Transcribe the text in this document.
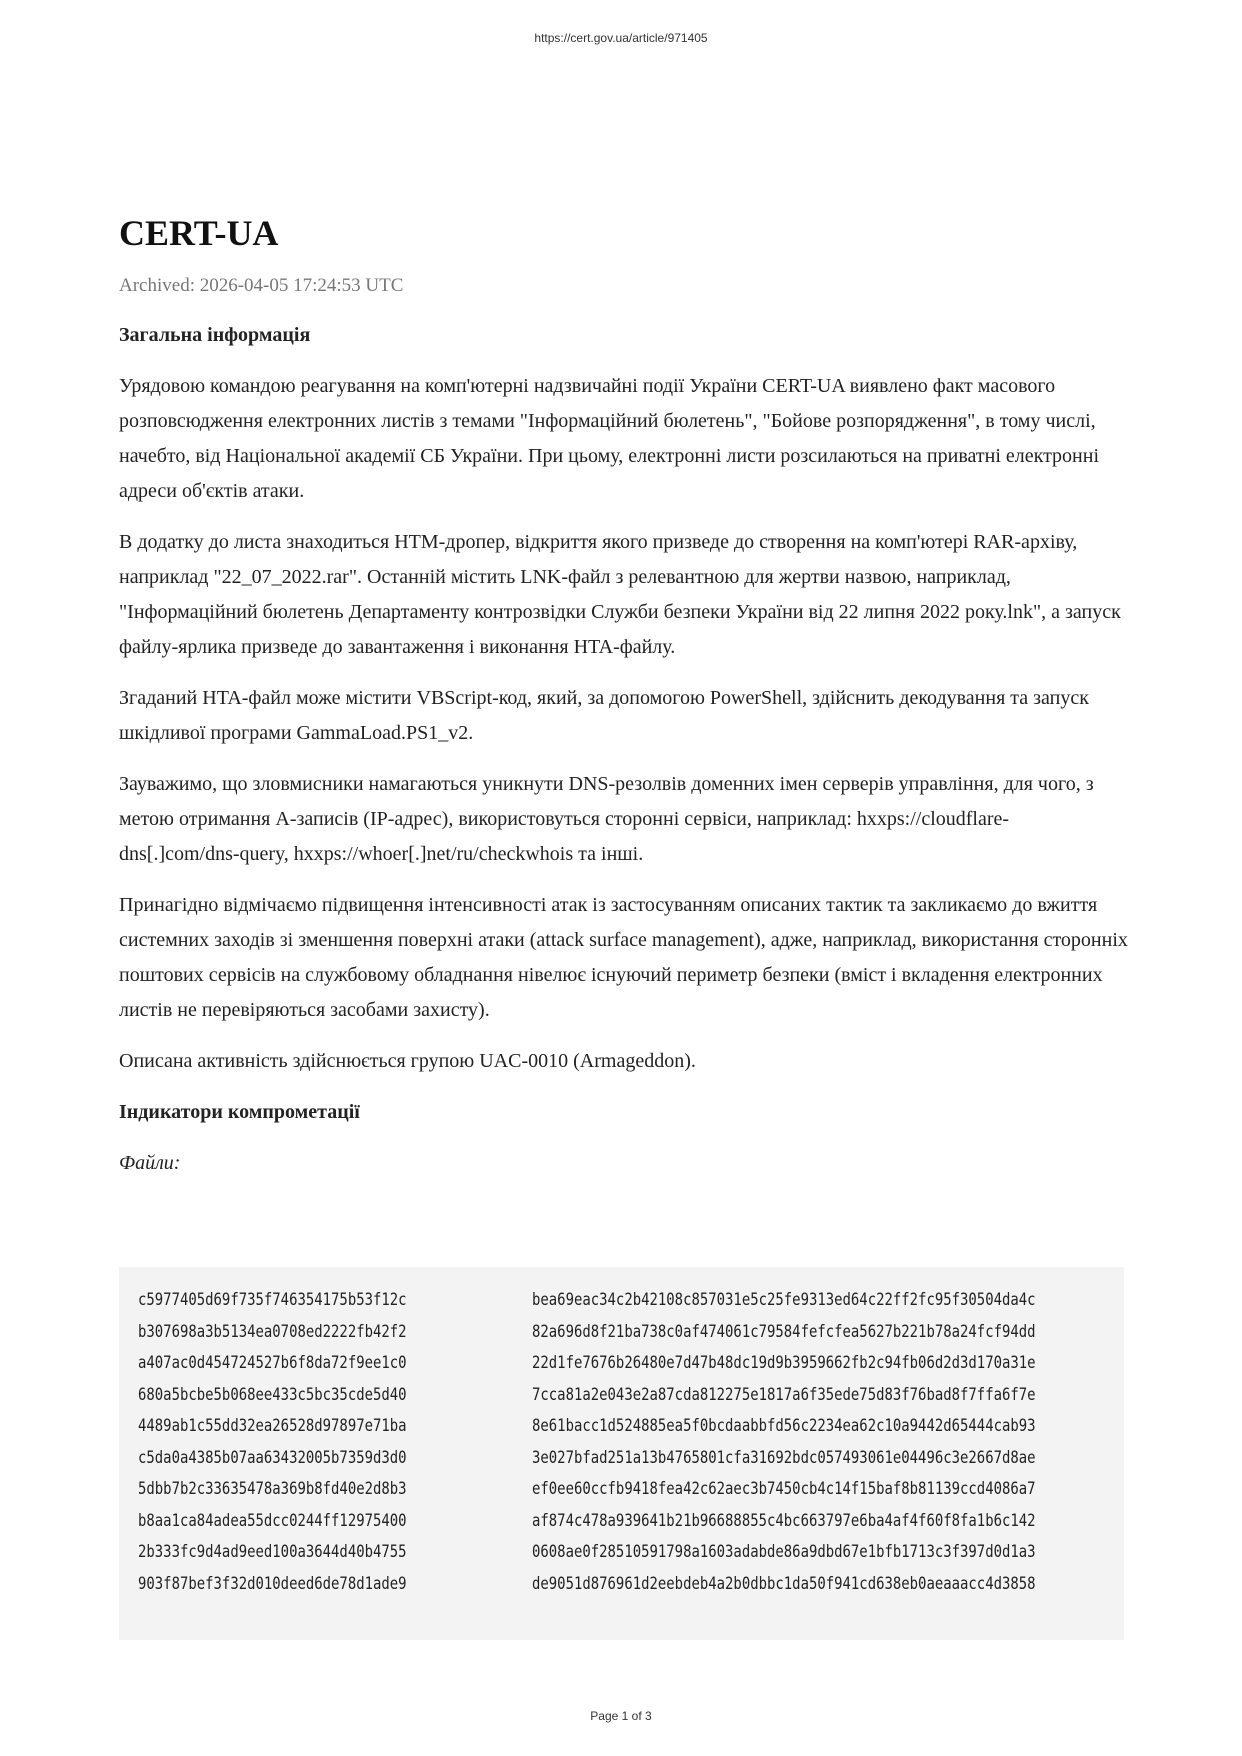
https://cert.gov.ua/article/971405
CERT-UA
Archived: 2026-04-05 17:24:53 UTC
Загальна інформація

Урядовою командою реагування на комп'ютерні надзвичайні події України CERT-UA виявлено факт масового розповсюдження електронних листів з темами "Інформаційний бюлетень", "Бойове розпорядження", в тому числі, начебто, від Національної академії СБ України. При цьому, електронні листи розсилаються на приватні електронні адреси об'єктів атаки.

В додатку до листа знаходиться HTM-дропер, відкриття якого призведе до створення на комп'ютері RAR-архіву, наприклад "22_07_2022.rar". Останній містить LNK-файл з релевантною для жертви назвою, наприклад, "Інформаційний бюлетень Департаменту контрозвідки Служби безпеки України від 22 липня 2022 року.lnk", а запуск файлу-ярлика призведе до завантаження і виконання HTA-файлу.

Згаданий HTA-файл може містити VBScript-код, який, за допомогою PowerShell, здійснить декодування та запуск шкідливої програми GammaLoad.PS1_v2.

Зауважимо, що зловмисники намагаються уникнути DNS-резолвів доменних імен серверів управління, для чого, з метою отримання A-записів (IP-адрес), використовуться сторонні сервіси, наприклад: hxxps://cloudflare-dns[.]com/dns-query, hxxps://whoer[.]net/ru/checkwhois та інші.

Принагідно відмічаємо підвищення інтенсивності атак із застосуванням описаних тактик та закликаємо до вжиття системних заходів зі зменшення поверхні атаки (attack surface management), адже, наприклад, використання сторонніх поштових сервісів на службовому обладнання нівелює існуючий периметр безпеки (вміст і вкладення електронних листів не перевіряються засобами захисту).

Описана активність здійснюється групою UAC-0010 (Armageddon).

Індикатори компрометації
Файли:
c5977405d69f735f746354175b53f12c
b307698a3b5134ea0708ed2222fb42f2
a407ac0d454724527b6f8da72f9ee1c0
680a5bcbe5b068ee433c5bc35cde5d40
4489ab1c55dd32ea26528d97897e71ba
c5da0a4385b07aa63432005b7359d3d0
5dbb7b2c33635478a369b8fd40e2d8b3
b8aa1ca84adea55dcc0244ff12975400
2b333fc9d4ad9eed100a3644d40b4755
903f87bef3f32d010deed6de78d1ade9
bea69eac34c2b42108c857031e5c25fe9313ed64c22ff2fc95f30504da4c
82a696d8f21ba738c0af474061c79584fefcfea5627b221b78a24fcf94dd
22d1fe7676b26480e7d47b48dc19d9b3959662fb2c94fb06d2d3d170a31e
7cca81a2e043e2a87cda812275e1817a6f35ede75d83f76bad8f7ffa6f7e
8e61bacc1d524885ea5f0bcdaabbfd56c2234ea62c10a9442d65444cab93
3e027bfad251a13b4765801cfa31692bdc057493061e04496c3e2667d8ae
ef0ee60ccfb9418fea42c62aec3b7450cb4c14f15baf8b81139ccd4086a7
af874c478a939641b21b96688855c4bc663797e6ba4af4f60f8fa1b6c142
0608ae0f28510591798a1603adabde86a9dbd67e1bfb1713c3f397d0d1a3
de9051d876961d2eebdeb4a2b0dbbc1da50f941cd638eb0aeaaacc4d3858
Page 1 of 3
